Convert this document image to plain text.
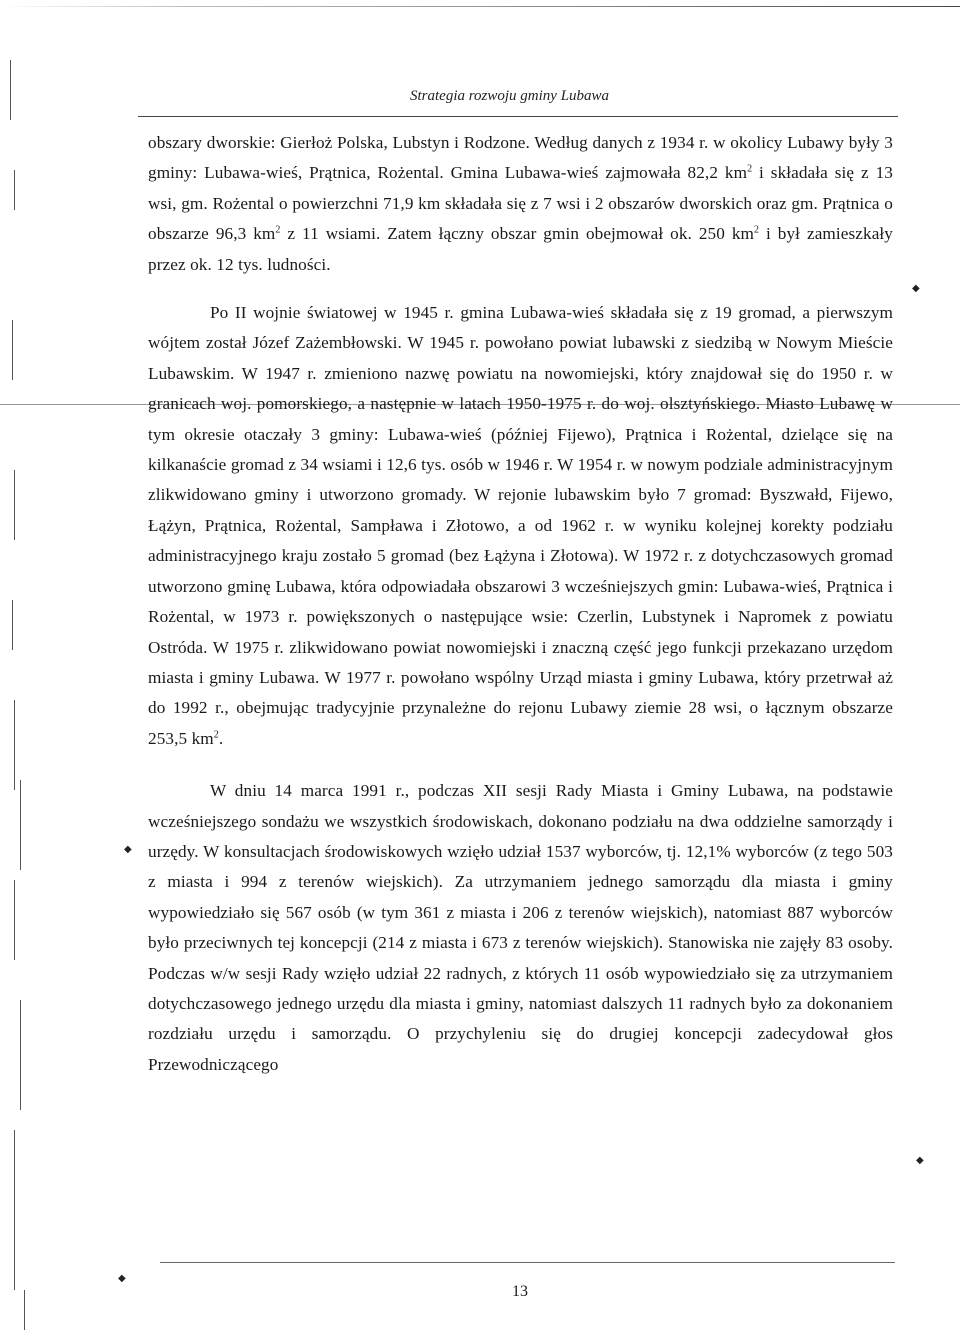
Strategia rozwoju gminy Lubawa

obszary dworskie: Gierłoż Polska, Lubstyn i Rodzone. Według danych z 1934 r. w okolicy Lubawy były 3 gminy: Lubawa-wieś, Prątnica, Rożental. Gmina Lubawa-wieś zajmowała 82,2 $km^2$ i składała się z 13 wsi, gm. Rożental o powierzchni 71,9 km składała się z 7 wsi i 2 obszarów dworskich oraz gm. Prątnica o obszarze 96,3 $km^2$ z 11 wsiami. Zatem łączny obszar gmin obejmował ok. 250 $km^2$ i był zamieszkały przez ok. 12 tys. ludności.

Po II wojnie światowej w 1945 r. gmina Lubawa-wieś składała się z 19 gromad, a pierwszym wójtem został Józef Zażembłowski. W 1945 r. powołano powiat lubawski z siedzibą w Nowym Mieście Lubawskim. W 1947 r. zmieniono nazwę powiatu na nowomiejski, który znajdował się do 1950 r. w granicach woj. pomorskiego, a następnie w latach 1950-1975 r. do woj. olsztyńskiego. Miasto Lubawę w tym okresie otaczały 3 gminy: Lubawa-wieś (później Fijewo), Prątnica i Rożental, dzielące się na kilkanaście gromad z 34 wsiami i 12,6 tys. osób w 1946 r. W 1954 r. w nowym podziale administracyjnym zlikwidowano gminy i utworzono gromady. W rejonie lubawskim było 7 gromad: Byszwałd, Fijewo, Łążyn, Prątnica, Rożental, Sampława i Złotowo, a od 1962 r. w wyniku kolejnej korekty podziału administracyjnego kraju zostało 5 gromad (bez Łążyna i Złotowa). W 1972 r. z dotychczasowych gromad utworzono gminę Lubawa, która odpowiadała obszarowi 3 wcześniejszych gmin: Lubawa-wieś, Prątnica i Rożental, w 1973 r. powiększonych o następujące wsie: Czerlin, Lubstynek i Napromek z powiatu Ostróda. W 1975 r. zlikwidowano powiat nowomiejski i znaczną część jego funkcji przekazano urzędom miasta i gminy Lubawa. W 1977 r. powołano wspólny Urząd miasta i gminy Lubawa, który przetrwał aż do 1992 r., obejmując tradycyjnie przynależne do rejonu Lubawy ziemie 28 wsi, o łącznym obszarze 253,5 $km^2$.

W dniu 14 marca 1991 r., podczas XII sesji Rady Miasta i Gminy Lubawa, na podstawie wcześniejszego sondażu we wszystkich środowiskach, dokonano podziału na dwa oddzielne samorządy i urzędy. W konsultacjach środowiskowych wzięło udział 1537 wyborców, tj. 12,1% wyborców (z tego 503 z miasta i 994 z terenów wiejskich). Za utrzymaniem jednego samorządu dla miasta i gminy wypowiedziało się 567 osób (w tym 361 z miasta i 206 z terenów wiejskich), natomiast 887 wyborców było przeciwnych tej koncepcji (214 z miasta i 673 z terenów wiejskich). Stanowiska nie zajęły 83 osoby. Podczas w/w sesji Rady wzięło udział 22 radnych, z których 11 osób wypowiedziało się za utrzymaniem dotychczasowego jednego urzędu dla miasta i gminy, natomiast dalszych 11 radnych było za dokonaniem rozdziału urzędu i samorządu. O przychyleniu się do drugiej koncepcji zadecydował głos Przewodniczącego

13
◆
◆
◆
◆
